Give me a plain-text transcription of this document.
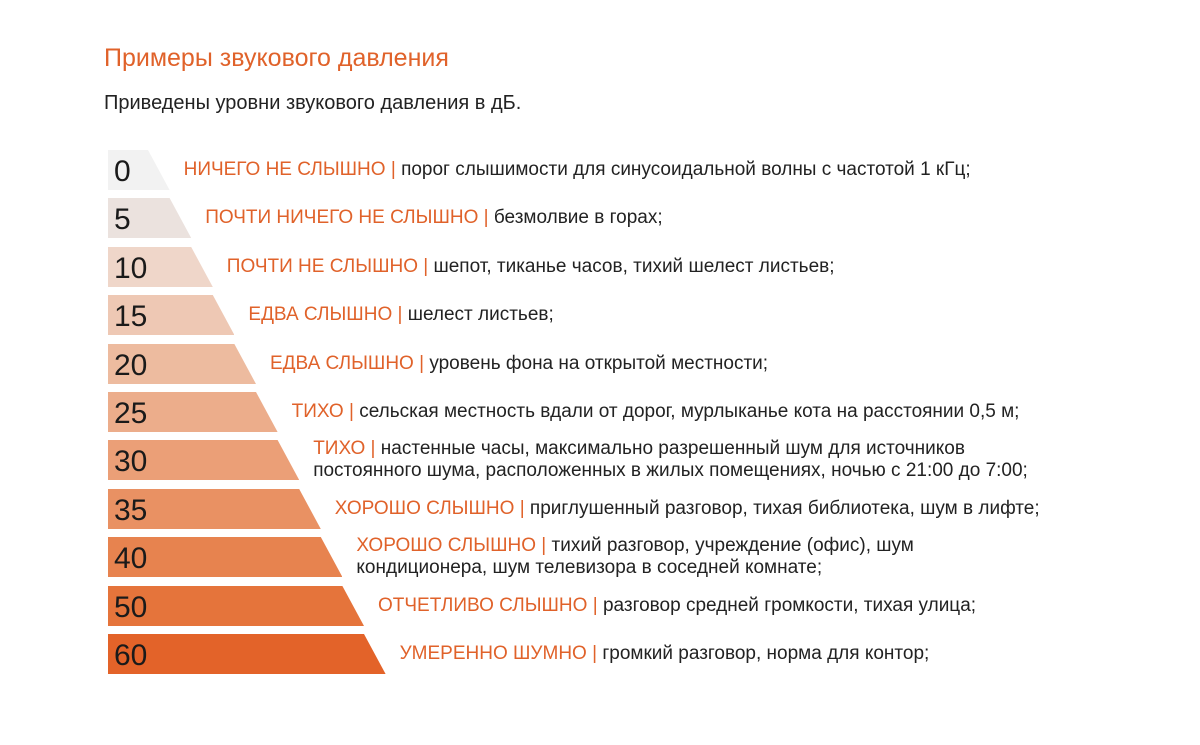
Примеры звукового давления
Приведены уровни звукового давления в дБ.
0	НИЧЕГО НЕ СЛЫШНО | порог слышимости для синусоидальной волны с частотой 1 кГц;
5	ПОЧТИ НИЧЕГО НЕ СЛЫШНО | безмолвие в горах;
10	ПОЧТИ НЕ СЛЫШНО | шепот, тиканье часов, тихий шелест листьев;
15	ЕДВА СЛЫШНО | шелест листьев;
20	ЕДВА СЛЫШНО | уровень фона на открытой местности;
25	ТИХО | сельская местность вдали от дорог, мурлыканье кота на расстоянии 0,5 м;
30	ТИХО | настенные часы, максимально разрешенный шум для источников
постоянного шума, расположенных в жилых помещениях, ночью с 21:00 до 7:00;
35	ХОРОШО СЛЫШНО | приглушенный разговор, тихая библиотека, шум в лифте;
40	ХОРОШО СЛЫШНО | тихий разговор, учреждение (офис), шум
кондиционера, шум телевизора в соседней комнате;
50	ОТЧЕТЛИВО СЛЫШНО | разговор средней громкости, тихая улица;
60	УМЕРЕННО ШУМНО | громкий разговор, норма для контор;
